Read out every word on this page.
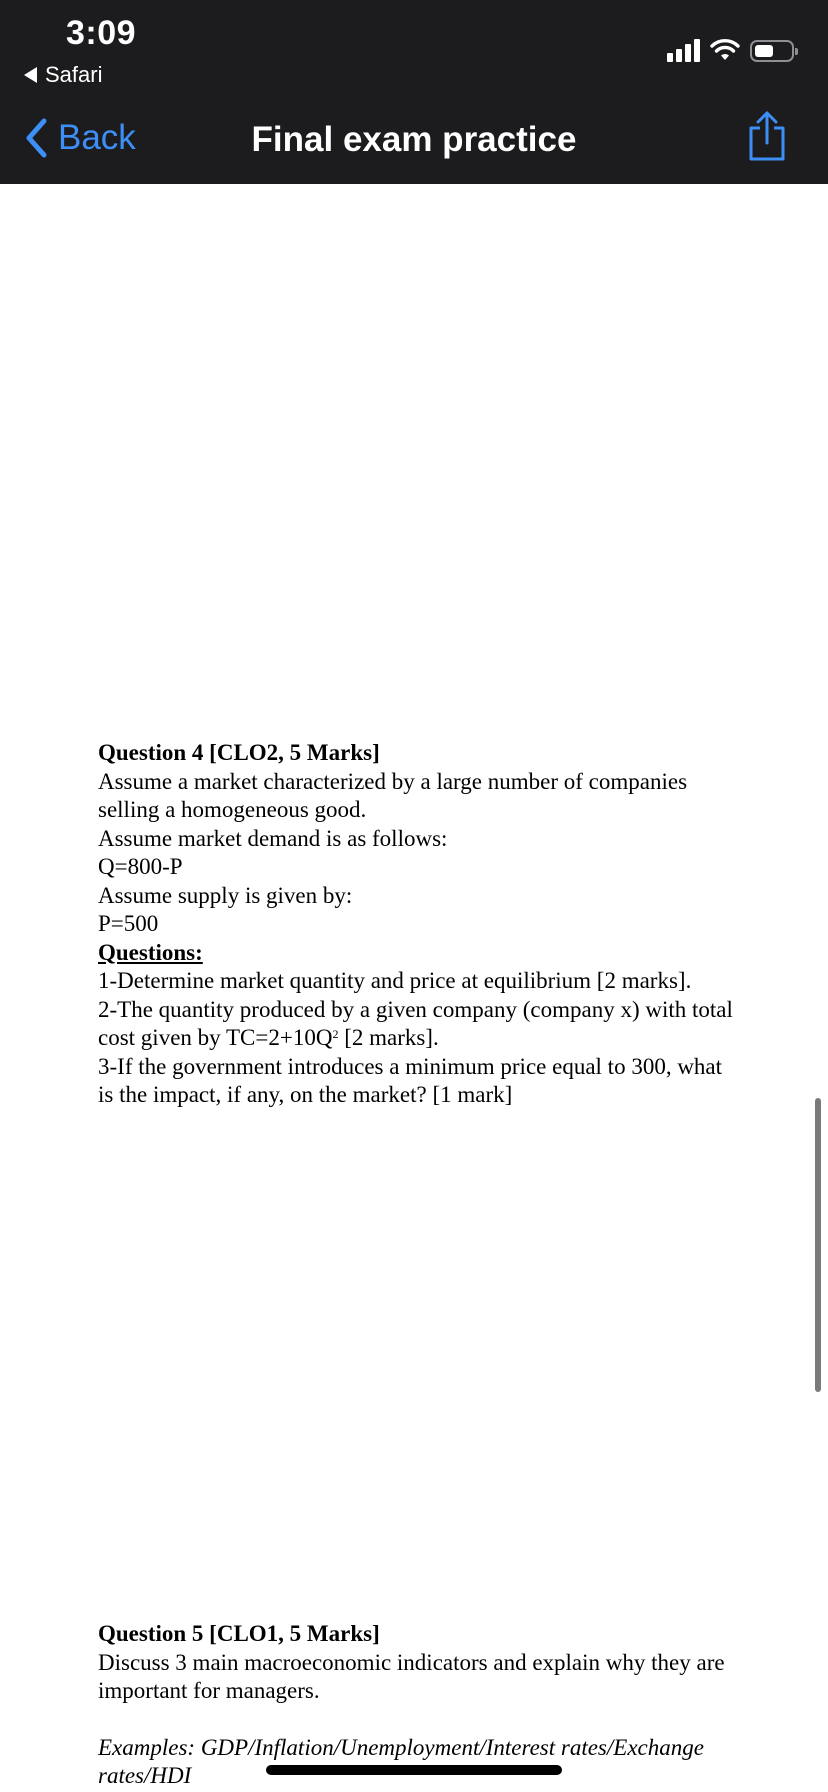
3:09
Safari
Back	Final exam practice

Question 4 [CLO2, 5 Marks]

Assume a market characterized by a large number of companies selling a homogeneous good.

Assume market demand is as follows:

Q=800-P

Assume supply is given by:

P=500

Questions:

1-Determine market quantity and price at equilibrium [2 marks].

2-The quantity produced by a given company (company x) with total cost given by $TC=2+10Q^2$ [2 marks].

3-If the government introduces a minimum price equal to 300, what is the impact, if any, on the market? [1 mark]

Question 5 [CLO1, 5 Marks]

Discuss 3 main macroeconomic indicators and explain why they are important for managers.

Examples: GDP/Inflation/Unemployment/Interest rates/Exchange rates/HDI
